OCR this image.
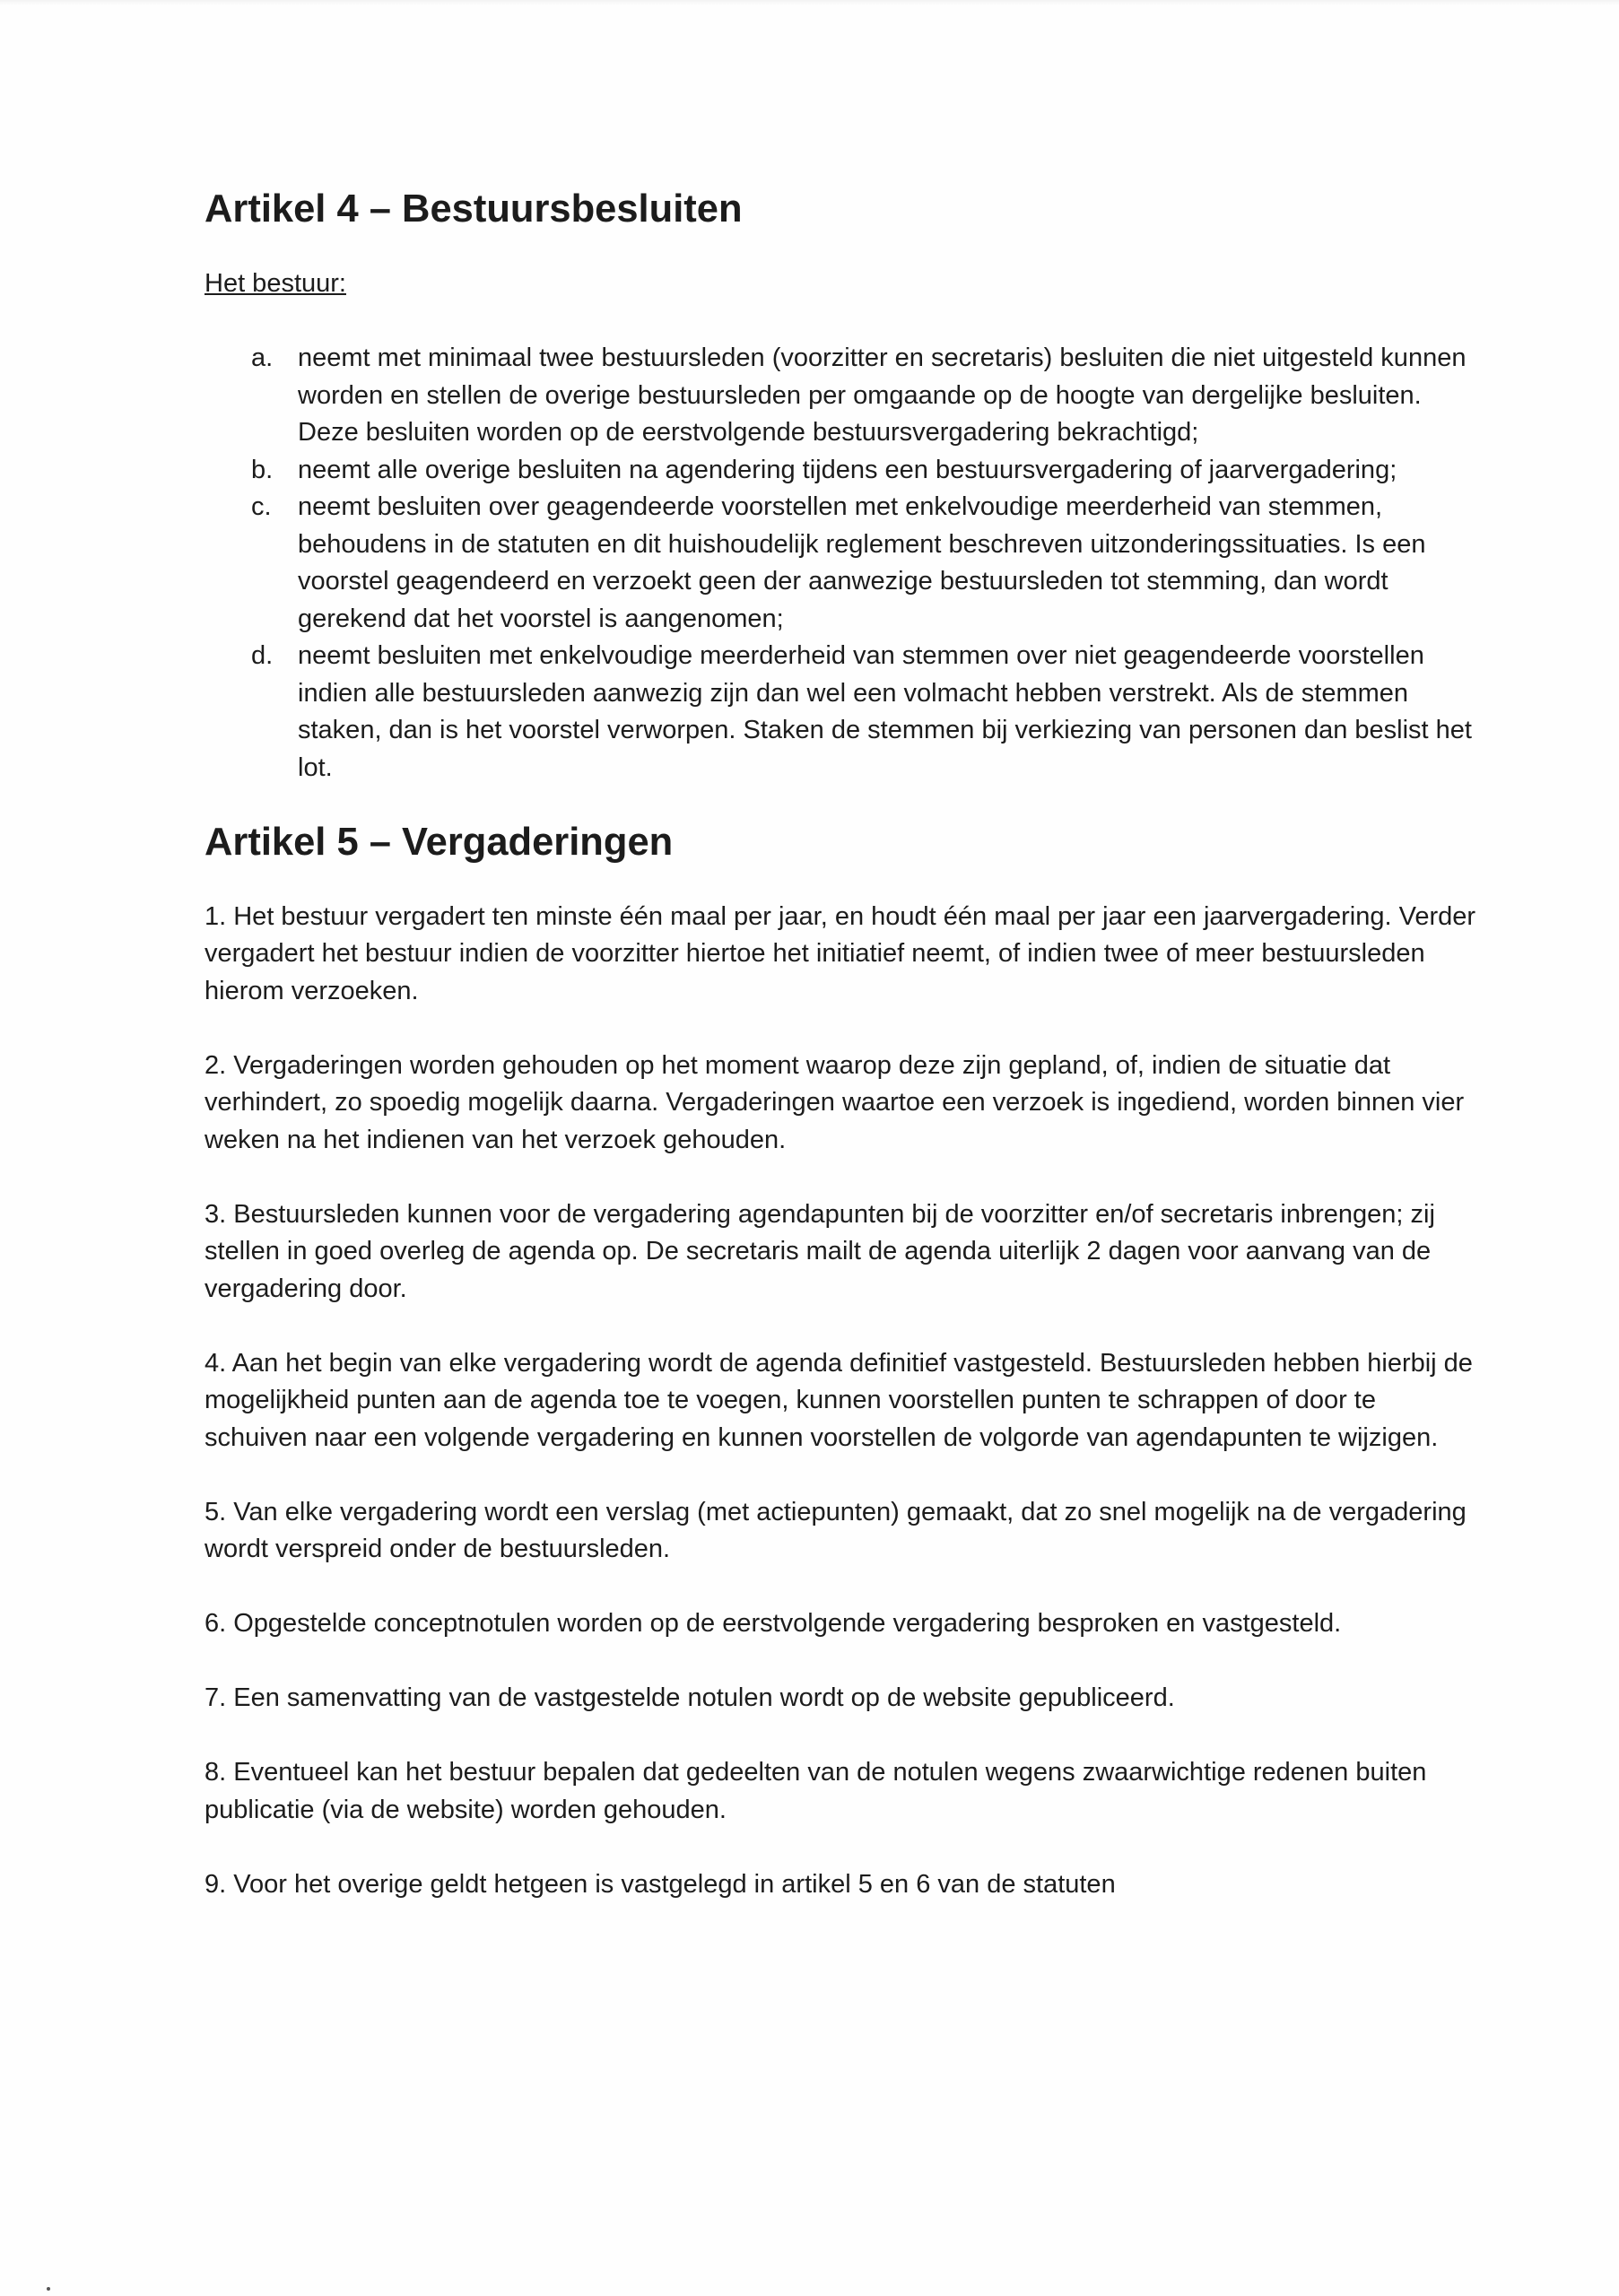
Artikel 4 – Bestuursbesluiten

Het bestuur:

a. neemt met minimaal twee bestuursleden (voorzitter en secretaris) besluiten die niet uitgesteld kunnen worden en stellen de overige bestuursleden per omgaande op de hoogte van dergelijke besluiten. Deze besluiten worden op de eerstvolgende bestuursvergadering bekrachtigd;
b. neemt alle overige besluiten na agendering tijdens een bestuursvergadering of jaarvergadering;
c.	neemt besluiten over geagendeerde voorstellen met enkelvoudige meerderheid van stemmen, behoudens in de statuten en dit huishoudelijk reglement beschreven uitzonderingssituaties. Is een voorstel geagendeerd en verzoekt geen der aanwezige bestuursleden tot stemming, dan wordt gerekend dat het voorstel is aangenomen;
d. neemt besluiten met enkelvoudige meerderheid van stemmen over niet geagendeerde voorstellen indien alle bestuursleden aanwezig zijn dan wel een volmacht hebben verstrekt. Als de stemmen staken, dan is het voorstel verworpen. Staken de stemmen bij verkiezing van personen dan beslist het lot.
Artikel 5 – Vergaderingen

1. Het bestuur vergadert ten minste één maal per jaar, en houdt één maal per jaar een jaarvergadering. Verder vergadert het bestuur indien de voorzitter hiertoe het initiatief neemt, of indien twee of meer bestuursleden hierom verzoeken.

2. Vergaderingen worden gehouden op het moment waarop deze zijn gepland, of, indien de situatie dat verhindert, zo spoedig mogelijk daarna. Vergaderingen waartoe een verzoek is ingediend, worden binnen vier weken na het indienen van het verzoek gehouden.

3. Bestuursleden kunnen voor de vergadering agendapunten bij de voorzitter en/of secretaris inbrengen; zij stellen in goed overleg de agenda op. De secretaris mailt de agenda uiterlijk 2 dagen voor aanvang van de vergadering door.

4. Aan het begin van elke vergadering wordt de agenda definitief vastgesteld. Bestuursleden hebben hierbij de mogelijkheid punten aan de agenda toe te voegen, kunnen voorstellen punten te schrappen of door te schuiven naar een volgende vergadering en kunnen voorstellen de volgorde van agendapunten te wijzigen.

5. Van elke vergadering wordt een verslag (met actiepunten) gemaakt, dat zo snel mogelijk na de vergadering wordt verspreid onder de bestuursleden.

6. Opgestelde conceptnotulen worden op de eerstvolgende vergadering besproken en vastgesteld.

7. Een samenvatting van de vastgestelde notulen wordt op de website gepubliceerd.

8. Eventueel kan het bestuur bepalen dat gedeelten van de notulen wegens zwaarwichtige redenen buiten publicatie (via de website) worden gehouden.

9. Voor het overige geldt hetgeen is vastgelegd in artikel 5 en 6 van de statuten
